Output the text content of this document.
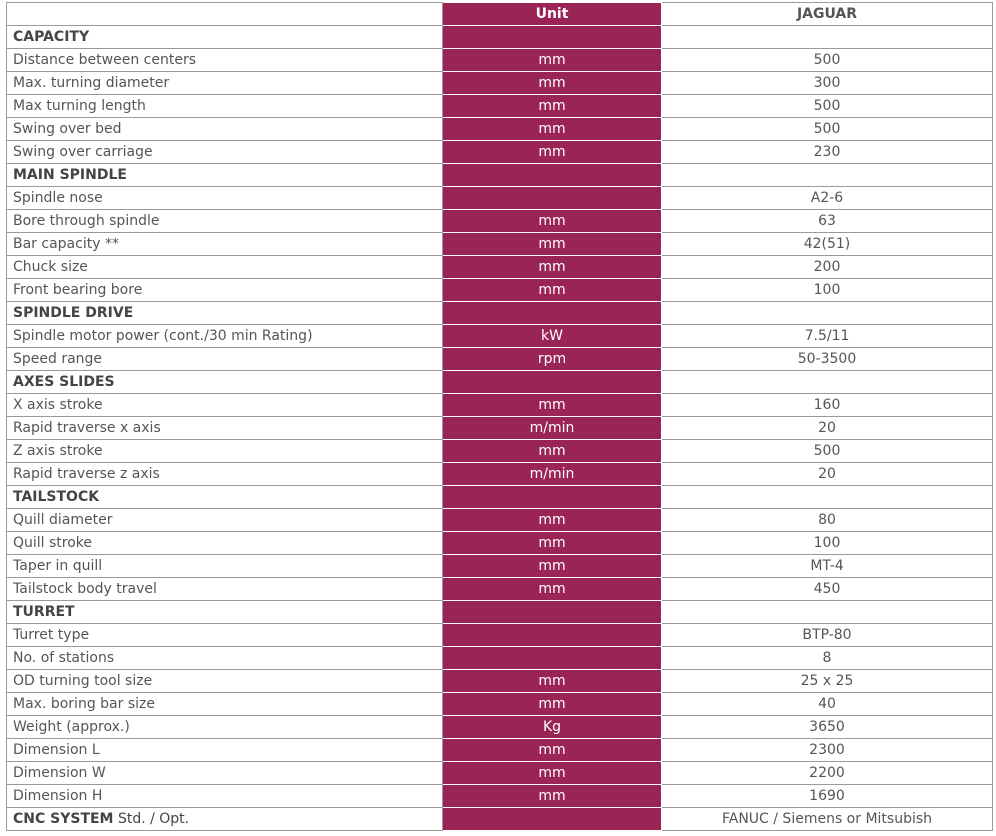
	Unit	JAGUAR
CAPACITY		
Distance between centers	mm	500
Max. turning diameter	mm	300
Max turning length	mm	500
Swing over bed	mm	500
Swing over carriage	mm	230
MAIN SPINDLE		
Spindle nose		A2-6
Bore through spindle	mm	63
Bar capacity **	mm	42(51)
Chuck size	mm	200
Front bearing bore	mm	100
SPINDLE DRIVE		
Spindle motor power (cont./30 min Rating)	kW	7.5/11
Speed range	rpm	50-3500
AXES SLIDES		
X axis stroke	mm	160
Rapid traverse x axis	m/min	20
Z axis stroke	mm	500
Rapid traverse z axis	m/min	20
TAILSTOCK		
Quill diameter	mm	80
Quill stroke	mm	100
Taper in quill	mm	MT-4
Tailstock body travel	mm	450
TURRET		
Turret type		BTP-80
No. of stations		8
OD turning tool size	mm	25 x 25
Max. boring bar size	mm	40
Weight (approx.)	Kg	3650
Dimension L	mm	2300
Dimension W	mm	2200
Dimension H	mm	1690
CNC SYSTEM Std. / Opt.		FANUC / Siemens or Mitsubish
